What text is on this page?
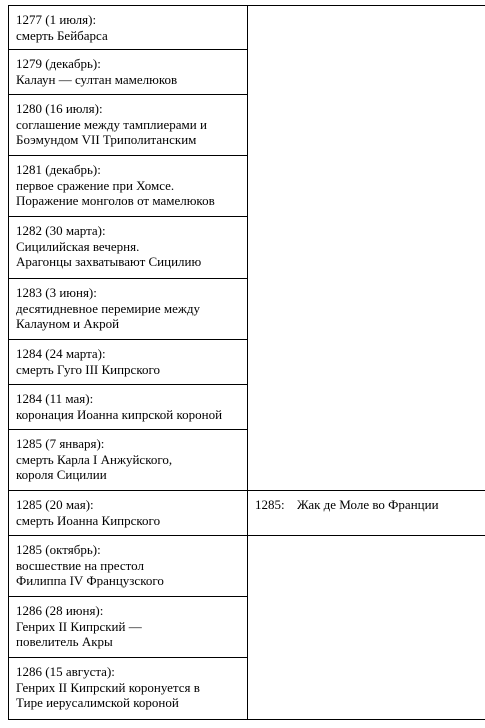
1277 (1 июля):
смерть Бейбарса	

1279 (декабрь):
Калаун — султан мамелюков	

1280 (16 июля):
соглашение между тамплиерами и
Боэмундом VII Триполитанским	

1281 (декабрь):
первое сражение при Хомсе.
Поражение монголов от мамелюков	

1282 (30 марта):
Сицилийская вечерня.
Арагонцы захватывают Сицилию	

1283 (3 июня):
десятидневное перемирие между
Калауном и Акрой	

1284 (24 марта):
смерть Гуго III Кипрского	

1284 (11 мая):
коронация Иоанна кипрской короной	

1285 (7 января):
смерть Карла I Анжуйского,
короля Сицилии	

1285 (20 мая):
смерть Иоанна Кипрского	1285: Жак де Моле во Франции

1285 (октябрь):
восшествие на престол
Филиппа IV Французского	

1286 (28 июня):
Генрих II Кипрский —
повелитель Акры	

1286 (15 августа):
Генрих II Кипрский коронуется в
Тире иерусалимской короной	
